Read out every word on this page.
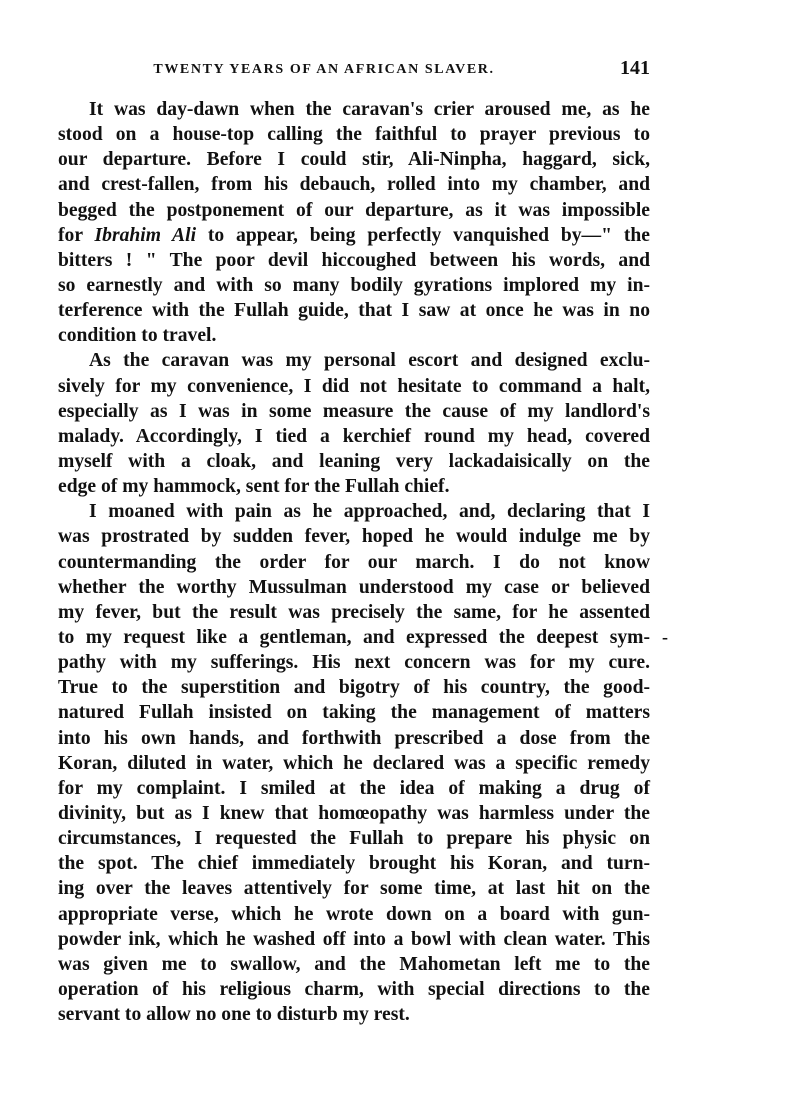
TWENTY YEARS OF AN AFRICAN SLAVER.	141
It was day-dawn when the caravan's crier aroused me, as he
stood on a house-top calling the faithful to prayer previous to
our departure. Before I could stir, Ali-Ninpha, haggard, sick,
and crest-fallen, from his debauch, rolled into my chamber, and
begged the postponement of our departure, as it was impossible
for Ibrahim Ali to appear, being perfectly vanquished by—" the
bitters ! " The poor devil hiccoughed between his words, and
so earnestly and with so many bodily gyrations implored my in-
terference with the Fullah guide, that I saw at once he was in no
condition to travel.
As the caravan was my personal escort and designed exclu-
sively for my convenience, I did not hesitate to command a halt,
especially as I was in some measure the cause of my landlord's
malady. Accordingly, I tied a kerchief round my head, covered
myself with a cloak, and leaning very lackadaisically on the
edge of my hammock, sent for the Fullah chief.
I moaned with pain as he approached, and, declaring that I
was prostrated by sudden fever, hoped he would indulge me by
countermanding the order for our march. I do not know
whether the worthy Mussulman understood my case or believed
my fever, but the result was precisely the same, for he assented
to my request like a gentleman, and expressed the deepest sym-
pathy with my sufferings. His next concern was for my cure.
True to the superstition and bigotry of his country, the good-
natured Fullah insisted on taking the management of matters
into his own hands, and forthwith prescribed a dose from the
Koran, diluted in water, which he declared was a specific remedy
for my complaint. I smiled at the idea of making a drug of
divinity, but as I knew that homœopathy was harmless under the
circumstances, I requested the Fullah to prepare his physic on
the spot. The chief immediately brought his Koran, and turn-
ing over the leaves attentively for some time, at last hit on the
appropriate verse, which he wrote down on a board with gun-
powder ink, which he washed off into a bowl with clean water. This
was given me to swallow, and the Mahometan left me to the
operation of his religious charm, with special directions to the
servant to allow no one to disturb my rest.
-
